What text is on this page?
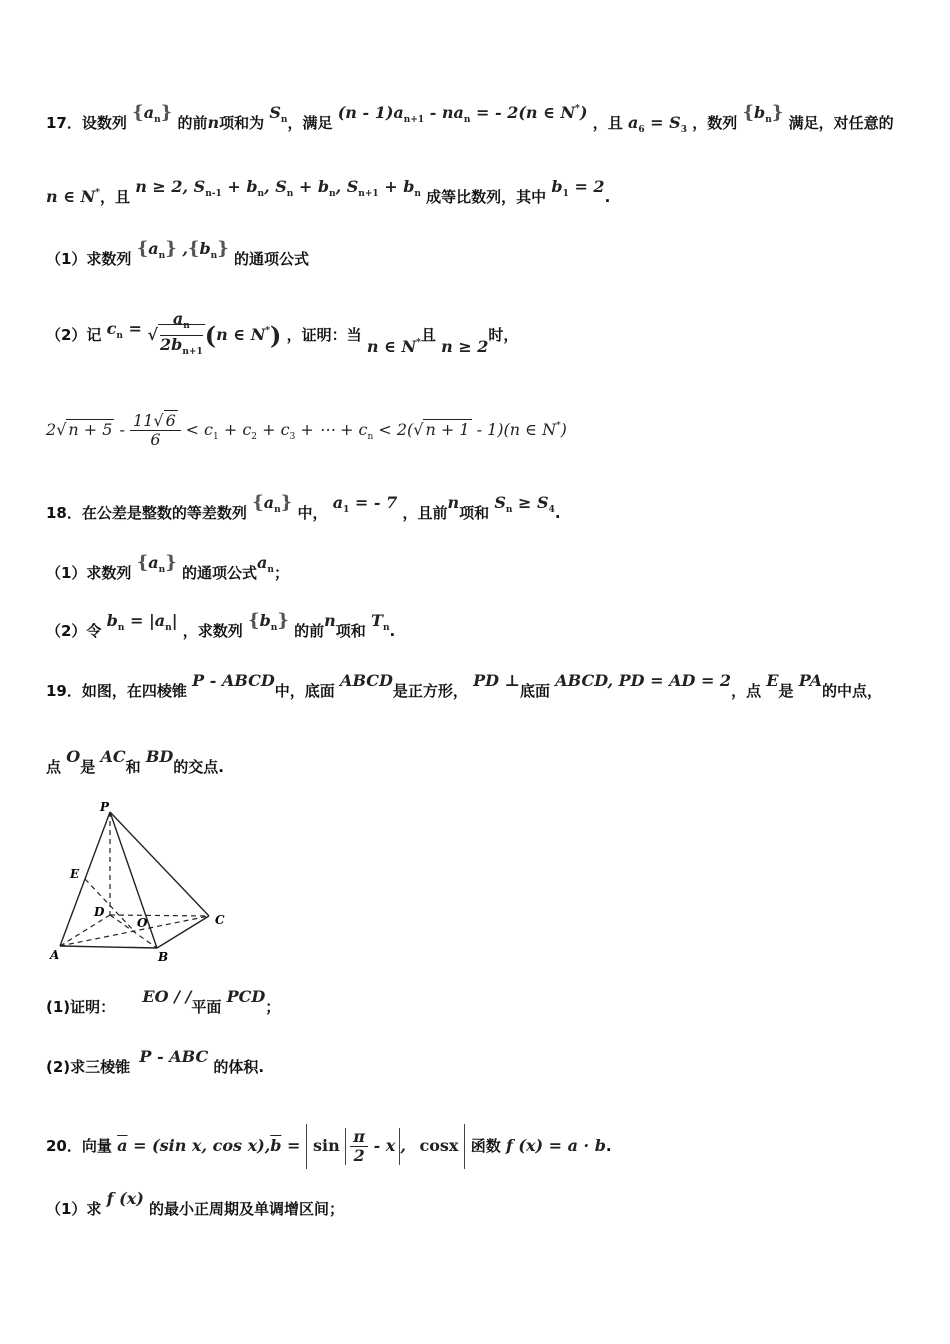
17．设数列 $\{a_n\}$ 的前n项和为 $S_n$，满足 $(n - 1)a_{n+1} - na_n$ = - 2(n ∈ N*) ，且 $a_6 = S_3$ ，数列 $\{b_n\}$ 满足，对任意的
n ∈ N*，且 n ≥ 2, $S_{n-1} + b_n$, $S_n + b_n$, $S_{n+1} + b_n$ 成等比数列，其中 $b_1 = 2$.
（1）求数列 $\{a_n\}$ $,\{b_n\}$ 的通项公式
（2）记 $c_n$ = √ $\frac{a_n}{2b_{n+1}} (n$ ∈ N*) ，证明：当 n ∈ N*且 n ≥ 2时，
2√ $n + 5 - \frac{11√ 6}{6} < c_1 + c_2 + c_3$ + ⋯ + $c_n < 2(√$ n + 1 - 1)(n ∈ N*)
18．在公差是整数的等差数列 $\{a_n\}$ 中， $a_1$ = - 7 ，且前n项和 $S_n \ge S_4$.
（1）求数列 $\{a_n\}$ 的通项公式$a_n$；
（2）令 $b_n = |a_n|$ ，求数列 $\{b_n\}$ 的前n项和 $T_n$.
19．如图，在四棱锥 P - ABCD中，底面 ABCD是正方形， PD ⊥底面 ABCD, PD = AD = 2，点 E是 PA的中点，
点 O是 AC和 BD的交点.
P
E
D
O	C
A	B
(1)证明： EO / /平面 PCD；
(2)求三棱锥 P - ABC 的体积.
20．向量 $\overline{a} = (\sin$ x, $\cos x),\overline{b} = \sin \frac{\pi}{2} - x$ , cosx 函数 f (x) = a · b.
（1）求 f (x) 的最小正周期及单调增区间；
